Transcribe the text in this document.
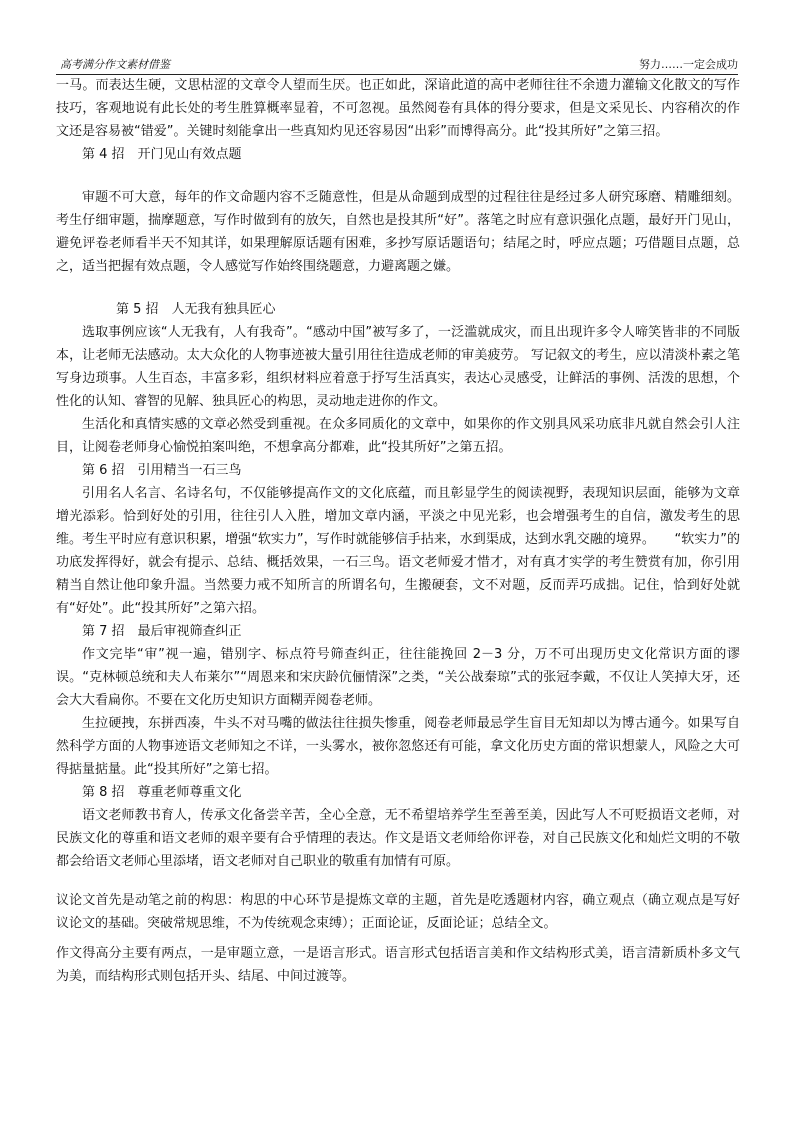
高考满分作文素材借鉴	努力……一定会成功

一马。而表达生硬，文思枯涩的文章令人望而生厌。也正如此，深谙此道的高中老师往往不余遗力灌输文化散文的写作技巧，客观地说有此长处的考生胜算概率显着，不可忽视。虽然阅卷有具体的得分要求，但是文采见长、内容稍次的作文还是容易被“错爱”。关键时刻能拿出一些真知灼见还容易因“出彩”而博得高分。此“投其所好”之第三招。

第 4 招　开门见山有效点题

审题不可大意，每年的作文命题内容不乏随意性，但是从命题到成型的过程往往是经过多人研究琢磨、精雕细刻。考生仔细审题，揣摩题意，写作时做到有的放矢，自然也是投其所“好”。落笔之时应有意识强化点题，最好开门见山，避免评卷老师看半天不知其详，如果理解原话题有困难，多抄写原话题语句；结尾之时，呼应点题；巧借题目点题，总之，适当把握有效点题，令人感觉写作始终围绕题意，力避离题之嫌。

第 5 招　人无我有独具匠心

选取事例应该“人无我有，人有我奇”。“感动中国”被写多了，一泛滥就成灾，而且出现许多令人啼笑皆非的不同版本，让老师无法感动。太大众化的人物事迹被大量引用往往造成老师的审美疲劳。 写记叙文的考生，应以清淡朴素之笔写身边琐事。人生百态，丰富多彩，组织材料应着意于抒写生活真实，表达心灵感受，让鲜活的事例、活泼的思想，个性化的认知、睿智的见解、独具匠心的构思，灵动地走进你的作文。

生活化和真情实感的文章必然受到重视。在众多同质化的文章中，如果你的作文别具风采功底非凡就自然会引人注目，让阅卷老师身心愉悦拍案叫绝，不想拿高分都难，此“投其所好”之第五招。

第 6 招　引用精当一石三鸟

引用名人名言、名诗名句，不仅能够提高作文的文化底蕴，而且彰显学生的阅读视野，表现知识层面，能够为文章增光添彩。恰到好处的引用，往往引人入胜，增加文章内涵，平淡之中见光彩，也会增强考生的自信，激发考生的思维。考生平时应有意识积累，增强“软实力”，写作时就能够信手拈来，水到渠成，达到水乳交融的境界。　　“软实力”的功底发挥得好，就会有提示、总结、概括效果，一石三鸟。语文老师爱才惜才，对有真才实学的考生赞赏有加，你引用精当自然让他印象升温。当然要力戒不知所言的所谓名句，生搬硬套，文不对题，反而弄巧成拙。记住，恰到好处就有“好处”。此“投其所好”之第六招。

第 7 招　最后审视筛查纠正

作文完毕“审”视一遍，错别字、标点符号筛查纠正，往往能挽回 2－3 分，万不可出现历史文化常识方面的谬误。“克林顿总统和夫人布莱尔”“周恩来和宋庆龄伉俪情深”之类，“关公战秦琼”式的张冠李戴，不仅让人笑掉大牙，还会大大看扁你。不要在文化历史知识方面糊弄阅卷老师。

生拉硬拽，东拼西凑，牛头不对马嘴的做法往往损失惨重，阅卷老师最忌学生盲目无知却以为博古通今。如果写自然科学方面的人物事迹语文老师知之不详，一头雾水，被你忽悠还有可能，拿文化历史方面的常识想蒙人，风险之大可得掂量掂量。此“投其所好”之第七招。

第 8 招　尊重老师尊重文化

语文老师教书育人，传承文化备尝辛苦，全心全意，无不希望培养学生至善至美，因此写人不可贬损语文老师，对民族文化的尊重和语文老师的艰辛要有合乎情理的表达。作文是语文老师给你评卷，对自己民族文化和灿烂文明的不敬都会给语文老师心里添堵，语文老师对自己职业的敬重有加情有可原。

议论文首先是动笔之前的构思：构思的中心环节是提炼文章的主题，首先是吃透题材内容，确立观点（确立观点是写好议论文的基础。突破常规思维，不为传统观念束缚）；正面论证，反面论证；总结全文。

作文得高分主要有两点，一是审题立意，一是语言形式。语言形式包括语言美和作文结构形式美，语言清新质朴多文气为美，而结构形式则包括开头、结尾、中间过渡等。
